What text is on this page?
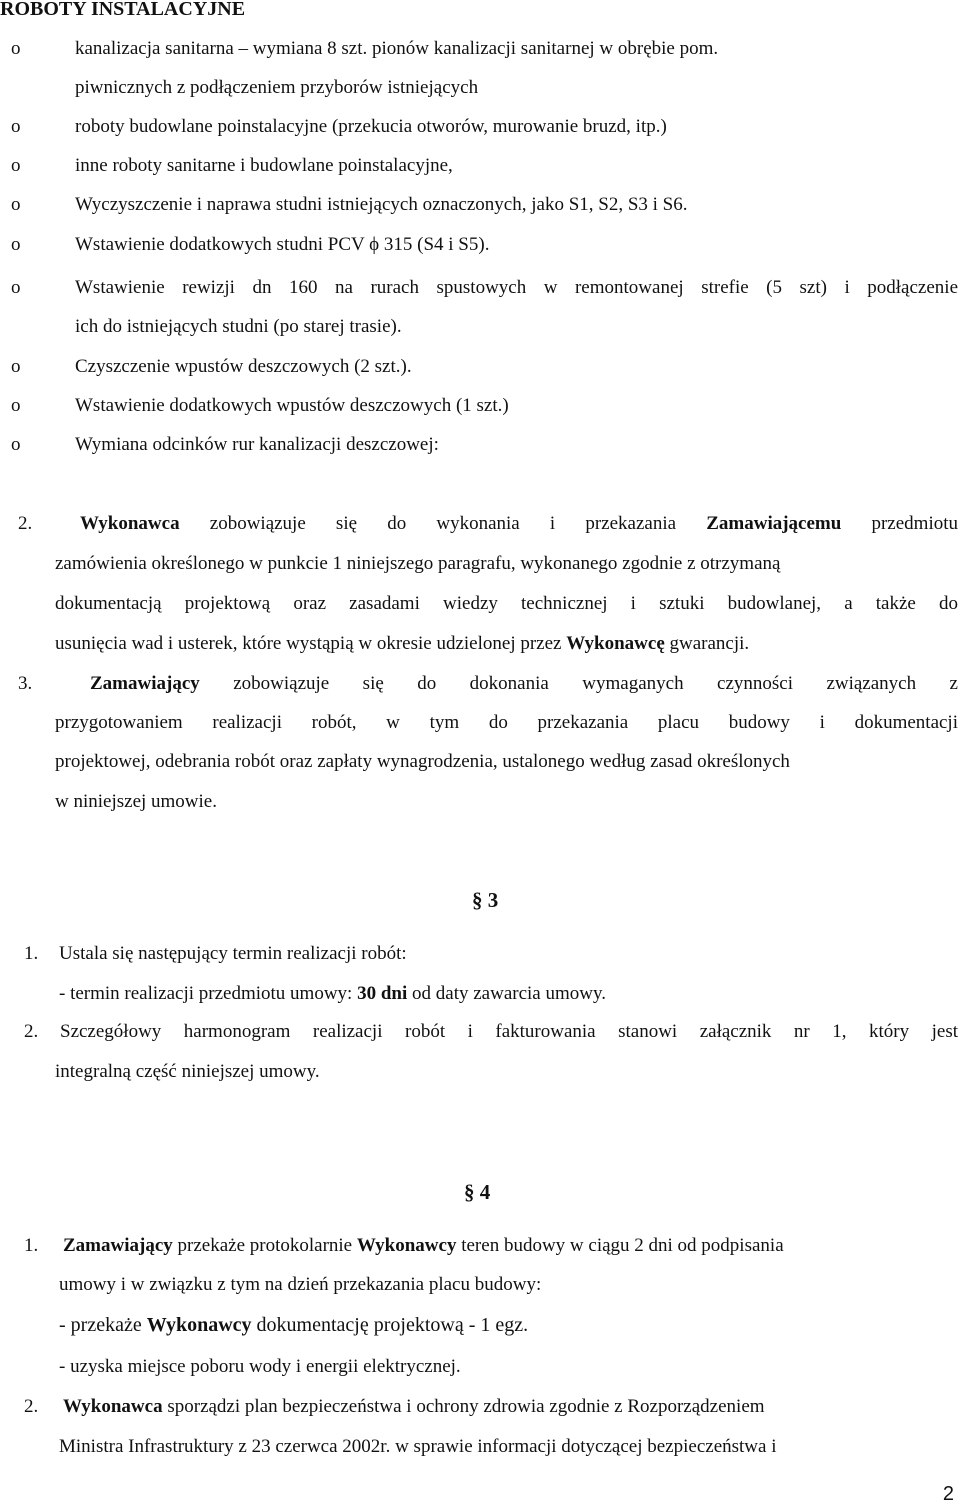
ROBOTY INSTALACYJNE
o	kanalizacja sanitarna – wymiana 8 szt. pionów kanalizacji sanitarnej w obrębie pom.
piwnicznych z podłączeniem przyborów istniejących
o	roboty budowlane poinstalacyjne (przekucia otworów, murowanie bruzd, itp.)
o	inne roboty sanitarne i budowlane poinstalacyjne,
o	Wyczyszczenie i naprawa studni istniejących oznaczonych, jako S1, S2, S3 i S6.
o	Wstawienie dodatkowych studni PCV ϕ 315 (S4 i S5).
o	Wstawienie rewizji dn 160 na rurach spustowych w remontowanej strefie (5 szt) i podłączenie
ich do istniejących studni (po starej trasie).
o	Czyszczenie wpustów deszczowych (2 szt.).
o	Wstawienie dodatkowych wpustów deszczowych (1 szt.)
o	Wymiana odcinków rur kanalizacji deszczowej:
2.	Wykonawca zobowiązuje się do wykonania i przekazania Zamawiającemu przedmiotu
zamówienia określonego w punkcie 1 niniejszego paragrafu, wykonanego zgodnie z otrzymaną
dokumentacją projektową oraz zasadami wiedzy technicznej i sztuki budowlanej, a także do
usunięcia wad i usterek, które wystąpią w okresie udzielonej przez Wykonawcę gwarancji.
3.	Zamawiający zobowiązuje się do dokonania wymaganych czynności związanych z
przygotowaniem realizacji robót, w tym do przekazania placu budowy i dokumentacji
projektowej, odebrania robót oraz zapłaty wynagrodzenia, ustalonego według zasad określonych
w niniejszej umowie.
§ 3
1. Ustala się następujący termin realizacji robót:
- termin realizacji przedmiotu umowy: 30 dni od daty zawarcia umowy.
2. Szczegółowy harmonogram realizacji robót i fakturowania stanowi załącznik nr 1, który jest
integralną część niniejszej umowy.
§ 4
1. Zamawiający przekaże protokolarnie Wykonawcy teren budowy w ciągu 2 dni od podpisania
umowy i w związku z tym na dzień przekazania placu budowy:
- przekaże Wykonawcy dokumentację projektową - 1 egz.
- uzyska miejsce poboru wody i energii elektrycznej.
2. Wykonawca sporządzi plan bezpieczeństwa i ochrony zdrowia zgodnie z Rozporządzeniem
Ministra Infrastruktury z 23 czerwca 2002r. w sprawie informacji dotyczącej bezpieczeństwa i
2
